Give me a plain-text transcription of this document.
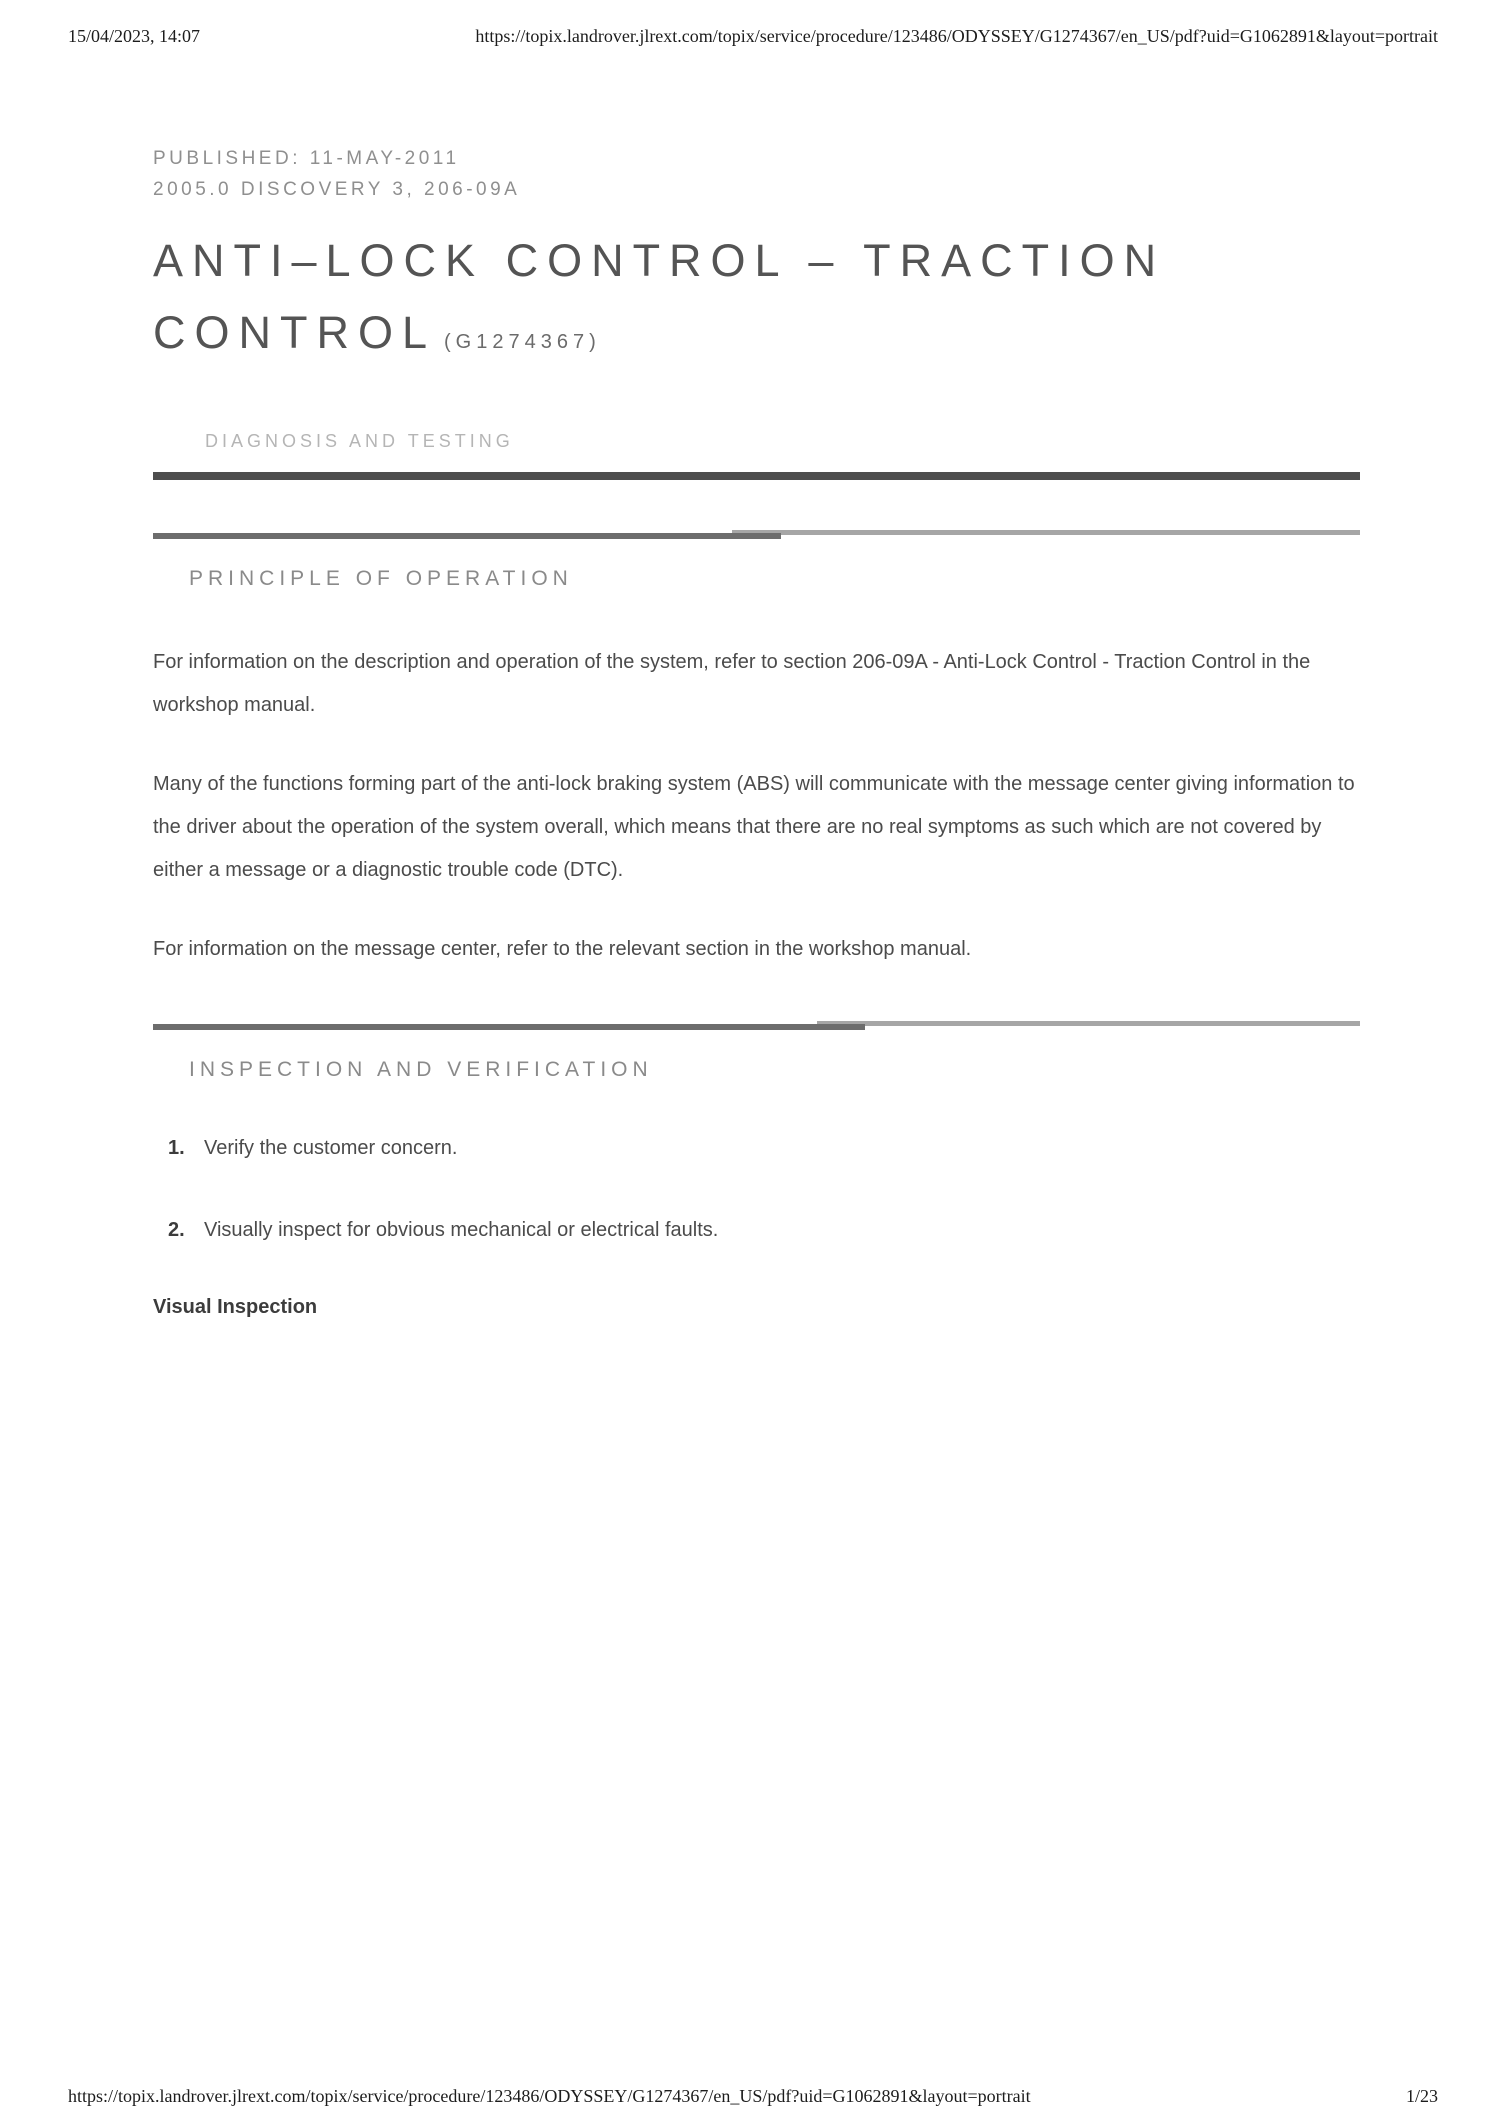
15/04/2023, 14:07	https://topix.landrover.jlrext.com/topix/service/procedure/123486/ODYSSEY/G1274367/en_US/pdf?uid=G1062891&layout=portrait
PUBLISHED: 11-MAY-2011
2005.0 DISCOVERY 3, 206-09A
ANTI–LOCK CONTROL – TRACTION CONTROL (G1274367)
DIAGNOSIS AND TESTING
PRINCIPLE OF OPERATION

For information on the description and operation of the system, refer to section 206-09A - Anti-Lock Control - Traction Control in the workshop manual.

Many of the functions forming part of the anti-lock braking system (ABS) will communicate with the message center giving information to the driver about the operation of the system overall, which means that there are no real symptoms as such which are not covered by either a message or a diagnostic trouble code (DTC).

For information on the message center, refer to the relevant section in the workshop manual.

INSPECTION AND VERIFICATION
1. Verify the customer concern.
2. Visually inspect for obvious mechanical or electrical faults.
Visual Inspection
https://topix.landrover.jlrext.com/topix/service/procedure/123486/ODYSSEY/G1274367/en_US/pdf?uid=G1062891&layout=portrait	1/23
